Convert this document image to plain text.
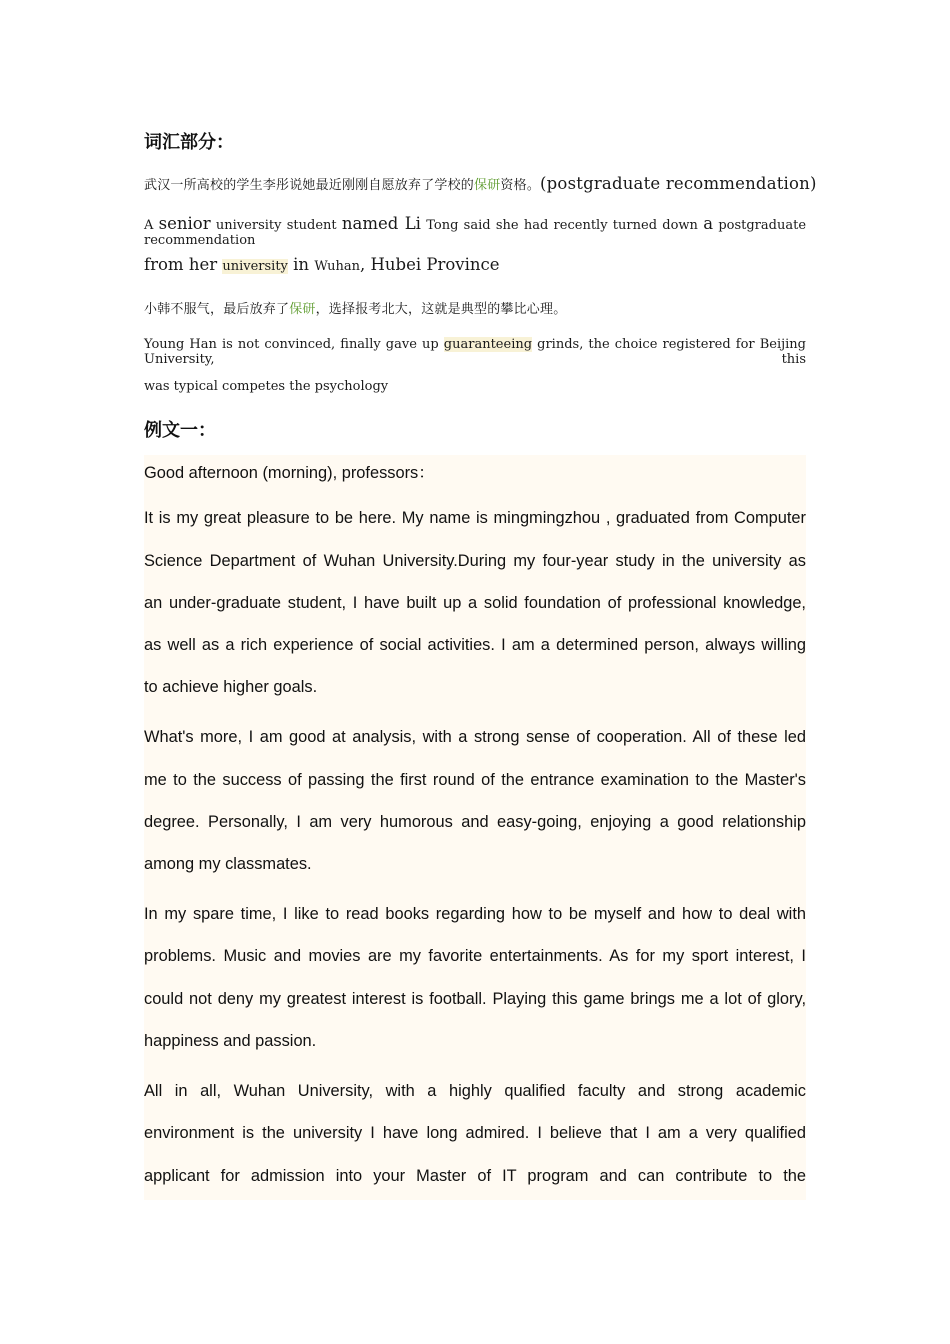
词汇部分：
武汉一所高校的学生李彤说她最近刚刚自愿放弃了学校的保研资格。(postgraduate recommendation)
A senior university student named Li Tong said she had recently turned down a postgraduate recommendation
from her university in Wuhan, Hubei Province
小韩不服气，最后放弃了保研，选择报考北大，这就是典型的攀比心理。
Young Han is not convinced, finally gave up guaranteeing grinds, the choice registered for Beijing University, this
was typical competes the psychology
例文一：
Good afternoon (morning), professors：
It is my great pleasure to be here. My name is mingmingzhou , graduated from Computer
Science Department of Wuhan University.During my four-year study in the university as
an under-graduate student, I have built up a solid foundation of professional knowledge,
as well as a rich experience of social activities. I am a determined person, always willing
to achieve higher goals.
What's more, I am good at analysis, with a strong sense of cooperation. All of these led
me to the success of passing the first round of the entrance examination to the Master's
degree. Personally, I am very humorous and easy-going, enjoying a good relationship
among my classmates.
In my spare time, I like to read books regarding how to be myself and how to deal with
problems. Music and movies are my favorite entertainments. As for my sport interest, I
could not deny my greatest interest is football. Playing this game brings me a lot of glory,
happiness and passion.
All in all, Wuhan University, with a highly qualified faculty and strong academic
environment is the university I have long admired. I believe that I am a very qualified
applicant for admission into your Master of IT program and can contribute to the
